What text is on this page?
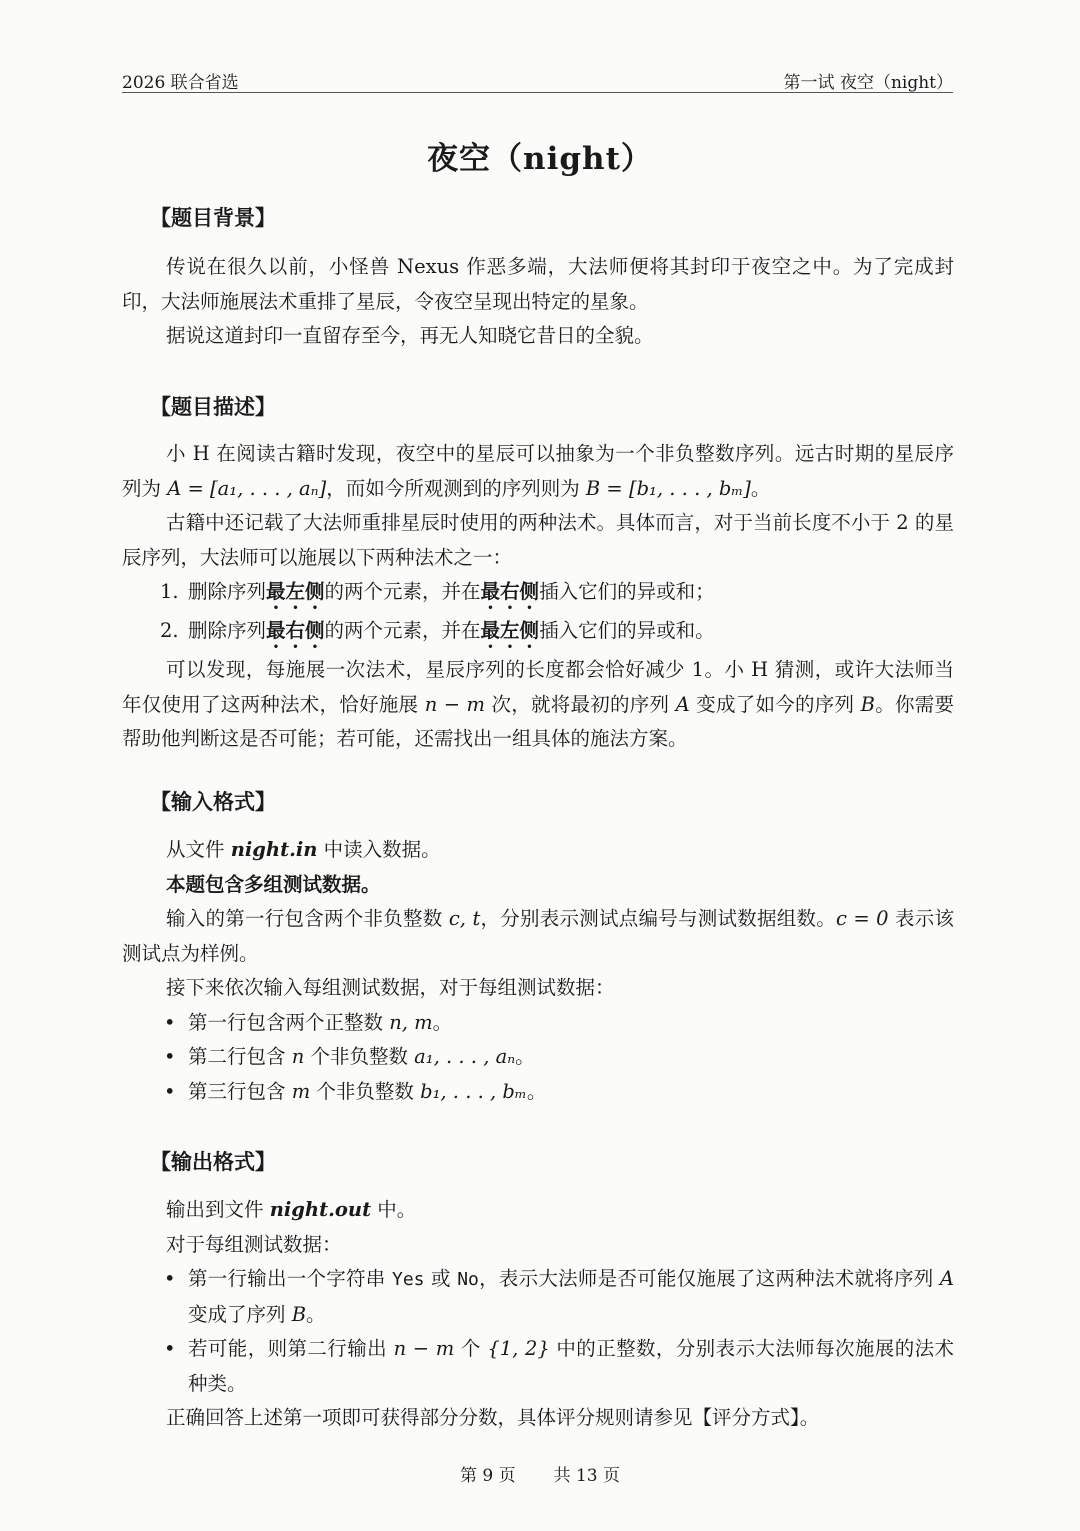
2026 联合省选	第一试 夜空（night）
夜空（night）
【题目背景】

传说在很久以前，小怪兽 Nexus 作恶多端，大法师便将其封印于夜空之中。为了完成封印，大法师施展法术重排了星辰，令夜空呈现出特定的星象。

据说这道封印一直留存至今，再无人知晓它昔日的全貌。

【题目描述】

小 H 在阅读古籍时发现，夜空中的星辰可以抽象为一个非负整数序列。远古时期的星辰序列为 A = [a₁, . . . , aₙ]，而如今所观测到的序列则为 B = [b₁, . . . , bₘ]。

古籍中还记载了大法师重排星辰时使用的两种法术。具体而言，对于当前长度不小于 2 的星辰序列，大法师可以施展以下两种法术之一：

1. 删除序列最左侧的两个元素，并在最右侧插入它们的异或和；
2. 删除序列最右侧的两个元素，并在最左侧插入它们的异或和。

可以发现，每施展一次法术，星辰序列的长度都会恰好减少 1。小 H 猜测，或许大法师当年仅使用了这两种法术，恰好施展 n − m 次，就将最初的序列 A 变成了如今的序列 B。你需要帮助他判断这是否可能；若可能，还需找出一组具体的施法方案。

【输入格式】

从文件 night.in 中读入数据。

本题包含多组测试数据。

输入的第一行包含两个非负整数 c, t，分别表示测试点编号与测试数据组数。c = 0 表示该测试点为样例。

接下来依次输入每组测试数据，对于每组测试数据：

• 第一行包含两个正整数 n, m。
• 第二行包含 n 个非负整数 a₁, . . . , aₙ。
• 第三行包含 m 个非负整数 b₁, . . . , bₘ。
【输出格式】

输出到文件 night.out 中。

对于每组测试数据：

• 第一行输出一个字符串 Yes 或 No，表示大法师是否可能仅施展了这两种法术就将序列 A 变成了序列 B。
• 若可能，则第二行输出 n − m 个 {1, 2} 中的正整数，分别表示大法师每次施展的法术种类。

正确回答上述第一项即可获得部分分数，具体评分规则请参见【评分方式】。

第 9 页 共 13 页
